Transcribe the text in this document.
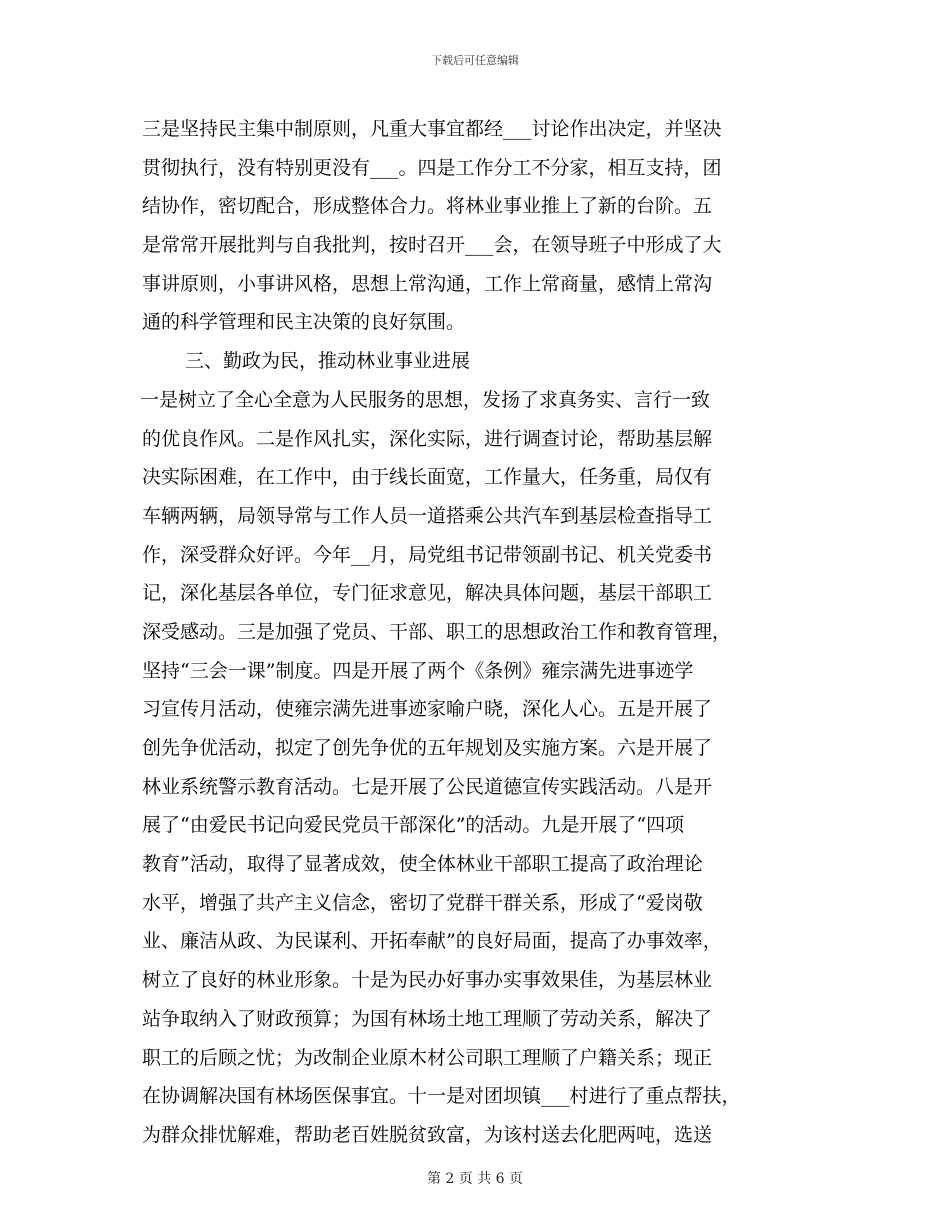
下载后可任意编辑
三是坚持民主集中制原则，凡重大事宜都经___讨论作出决定，并坚决
贯彻执行，没有特别更没有___。四是工作分工不分家，相互支持，团
结协作，密切配合，形成整体合力。将林业事业推上了新的台阶。五
是常常开展批判与自我批判，按时召开___会，在领导班子中形成了大
事讲原则，小事讲风格，思想上常沟通，工作上常商量，感情上常沟
通的科学管理和民主决策的良好氛围。
三、勤政为民，推动林业事业进展
一是树立了全心全意为人民服务的思想，发扬了求真务实、言行一致
的优良作风。二是作风扎实，深化实际，进行调查讨论，帮助基层解
决实际困难，在工作中，由于线长面宽，工作量大，任务重，局仅有
车辆两辆，局领导常与工作人员一道搭乘公共汽车到基层检查指导工
作，深受群众好评。今年__月，局党组书记带领副书记、机关党委书
记，深化基层各单位，专门征求意见，解决具体问题，基层干部职工
深受感动。三是加强了党员、干部、职工的思想政治工作和教育管理，
坚持“三会一课”制度。四是开展了两个《条例》雍宗满先进事迹学
习宣传月活动，使雍宗满先进事迹家喻户晓，深化人心。五是开展了
创先争优活动，拟定了创先争优的五年规划及实施方案。六是开展了
林业系统警示教育活动。七是开展了公民道德宣传实践活动。八是开
展了“由爱民书记向爱民党员干部深化”的活动。九是开展了“四项
教育”活动，取得了显著成效，使全体林业干部职工提高了政治理论
水平，增强了共产主义信念，密切了党群干群关系，形成了“爱岗敬
业、廉洁从政、为民谋利、开拓奉献”的良好局面，提高了办事效率，
树立了良好的林业形象。十是为民办好事办实事效果佳，为基层林业
站争取纳入了财政预算；为国有林场土地工理顺了劳动关系，解决了
职工的后顾之忧；为改制企业原木材公司职工理顺了户籍关系；现正
在协调解决国有林场医保事宜。十一是对团坝镇___村进行了重点帮扶，
为群众排忧解难，帮助老百姓脱贫致富，为该村送去化肥两吨，选送
第 2 页 共 6 页
